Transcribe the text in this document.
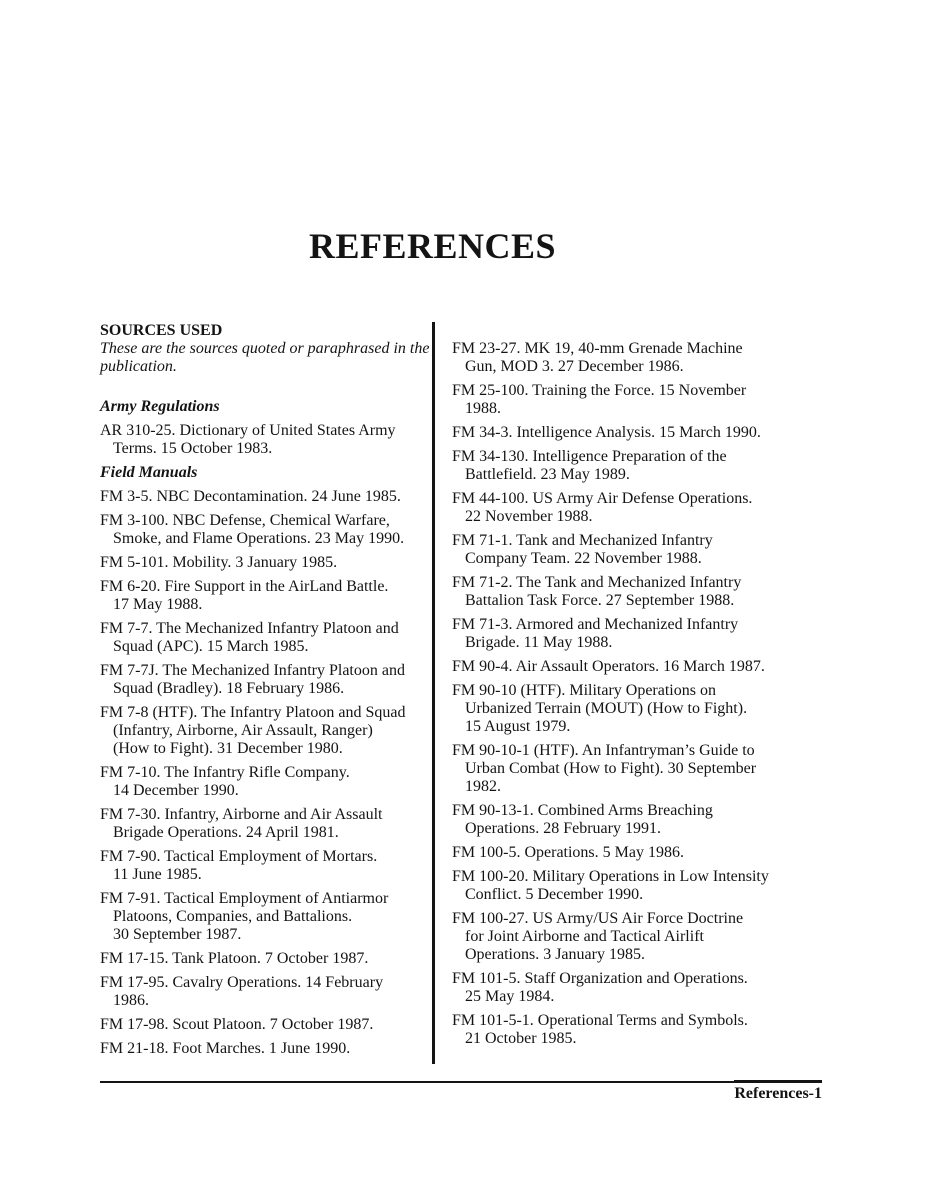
REFERENCES
SOURCES USED
These are the sources quoted or paraphrased in the publication.
Army Regulations
AR 310-25. Dictionary of United States Army
Terms. 15 October 1983.
Field Manuals
FM 3-5. NBC Decontamination. 24 June 1985.
FM 3-100. NBC Defense, Chemical Warfare,
Smoke, and Flame Operations. 23 May 1990.
FM 5-101. Mobility. 3 January 1985.
FM 6-20. Fire Support in the AirLand Battle.
17 May 1988.
FM 7-7. The Mechanized Infantry Platoon and
Squad (APC). 15 March 1985.
FM 7-7J. The Mechanized Infantry Platoon and
Squad (Bradley). 18 February 1986.
FM 7-8 (HTF). The Infantry Platoon and Squad
(Infantry, Airborne, Air Assault, Ranger)
(How to Fight). 31 December 1980.
FM 7-10. The Infantry Rifle Company.
14 December 1990.
FM 7-30. Infantry, Airborne and Air Assault
Brigade Operations. 24 April 1981.
FM 7-90. Tactical Employment of Mortars.
11 June 1985.
FM 7-91. Tactical Employment of Antiarmor
Platoons, Companies, and Battalions.
30 September 1987.
FM 17-15. Tank Platoon. 7 October 1987.
FM 17-95. Cavalry Operations. 14 February
1986.
FM 17-98. Scout Platoon. 7 October 1987.
FM 21-18. Foot Marches. 1 June 1990.
FM 23-27. MK 19, 40-mm Grenade Machine
Gun, MOD 3. 27 December 1986.
FM 25-100. Training the Force. 15 November
1988.
FM 34-3. Intelligence Analysis. 15 March 1990.
FM 34-130. Intelligence Preparation of the
Battlefield. 23 May 1989.
FM 44-100. US Army Air Defense Operations.
22 November 1988.
FM 71-1. Tank and Mechanized Infantry
Company Team. 22 November 1988.
FM 71-2. The Tank and Mechanized Infantry
Battalion Task Force. 27 September 1988.
FM 71-3. Armored and Mechanized Infantry
Brigade. 11 May 1988.
FM 90-4. Air Assault Operators. 16 March 1987.
FM 90-10 (HTF). Military Operations on
Urbanized Terrain (MOUT) (How to Fight).
15 August 1979.
FM 90-10-1 (HTF). An Infantryman’s Guide to
Urban Combat (How to Fight). 30 September
1982.
FM 90-13-1. Combined Arms Breaching
Operations. 28 February 1991.
FM 100-5. Operations. 5 May 1986.
FM 100-20. Military Operations in Low Intensity
Conflict. 5 December 1990.
FM 100-27. US Army/US Air Force Doctrine
for Joint Airborne and Tactical Airlift
Operations. 3 January 1985.
FM 101-5. Staff Organization and Operations.
25 May 1984.
FM 101-5-1. Operational Terms and Symbols.
21 October 1985.
References-1
